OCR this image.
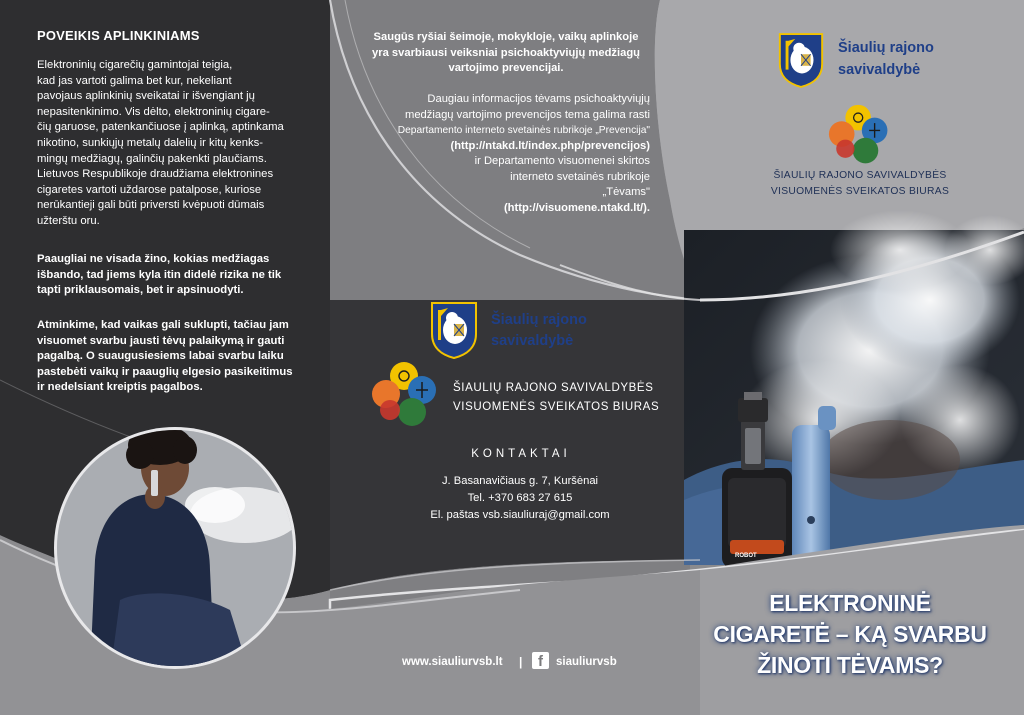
POVEIKIS APLINKINIAMS
Elektroninių cigarečių gamintojai teigia,
kad jas vartoti galima bet kur, nekeliant
pavojaus aplinkinių sveikatai ir išvengiant jų
nepasitenkinimo. Vis dėlto, elektroninių cigare-
čių garuose, patenkančiuose į aplinką, aptinkama
nikotino, sunkiųjų metalų dalelių ir kitų kenks-
mingų medžiagų, galinčių pakenkti plaučiams.
Lietuvos Respublikoje draudžiama elektronines
cigaretes vartoti uždarose patalpose, kuriose
nerūkantieji gali būti priversti kvėpuoti dūmais
užterštu oru.
Paaugliai ne visada žino, kokias medžiagas
išbando, tad jiems kyla itin didelė rizika ne tik
tapti priklausomais, bet ir apsinuodyti.
Atminkime, kad vaikas gali suklupti, tačiau jam
visuomet svarbu jausti tėvų palaikymą ir gauti
pagalbą. O suaugusiesiems labai svarbu laiku
pastebėti vaikų ir paauglių elgesio pasikeitimus
ir nedelsiant kreiptis pagalbos.
Saugūs ryšiai šeimoje, mokykloje, vaikų aplinkoje
yra svarbiausi veiksniai psichoaktyviųjų medžiagų
vartojimo prevencijai.
Daugiau informacijos tėvams psichoaktyviųjų
medžiagų vartojimo prevencijos tema galima rasti
Departamento interneto svetainės rubrikoje „Prevencija"
(http://ntakd.lt/index.php/prevencijos)
ir Departamento visuomenei skirtos
interneto svetainės rubrikoje
„Tėvams"
(http://visuomene.ntakd.lt/).
Šiaulių rajono
savivaldybė
ŠIAULIŲ RAJONO SAVIVALDYBĖS
VISUOMENĖS SVEIKATOS BIURAS
KONTAKTAI
J. Basanavičiaus g. 7, Kuršėnai
Tel. +370 683 27 615
El. paštas vsb.siauliuraj@gmail.com
www.siauliurvsb.lt | f siauliurvsb
Šiaulių rajono
savivaldybė
ŠIAULIŲ RAJONO SAVIVALDYBĖS
VISUOMENĖS SVEIKATOS BIURAS
ROBOT
ELEKTRONINĖ
CIGARETĖ – KĄ SVARBU
ŽINOTI TĖVAMS?
